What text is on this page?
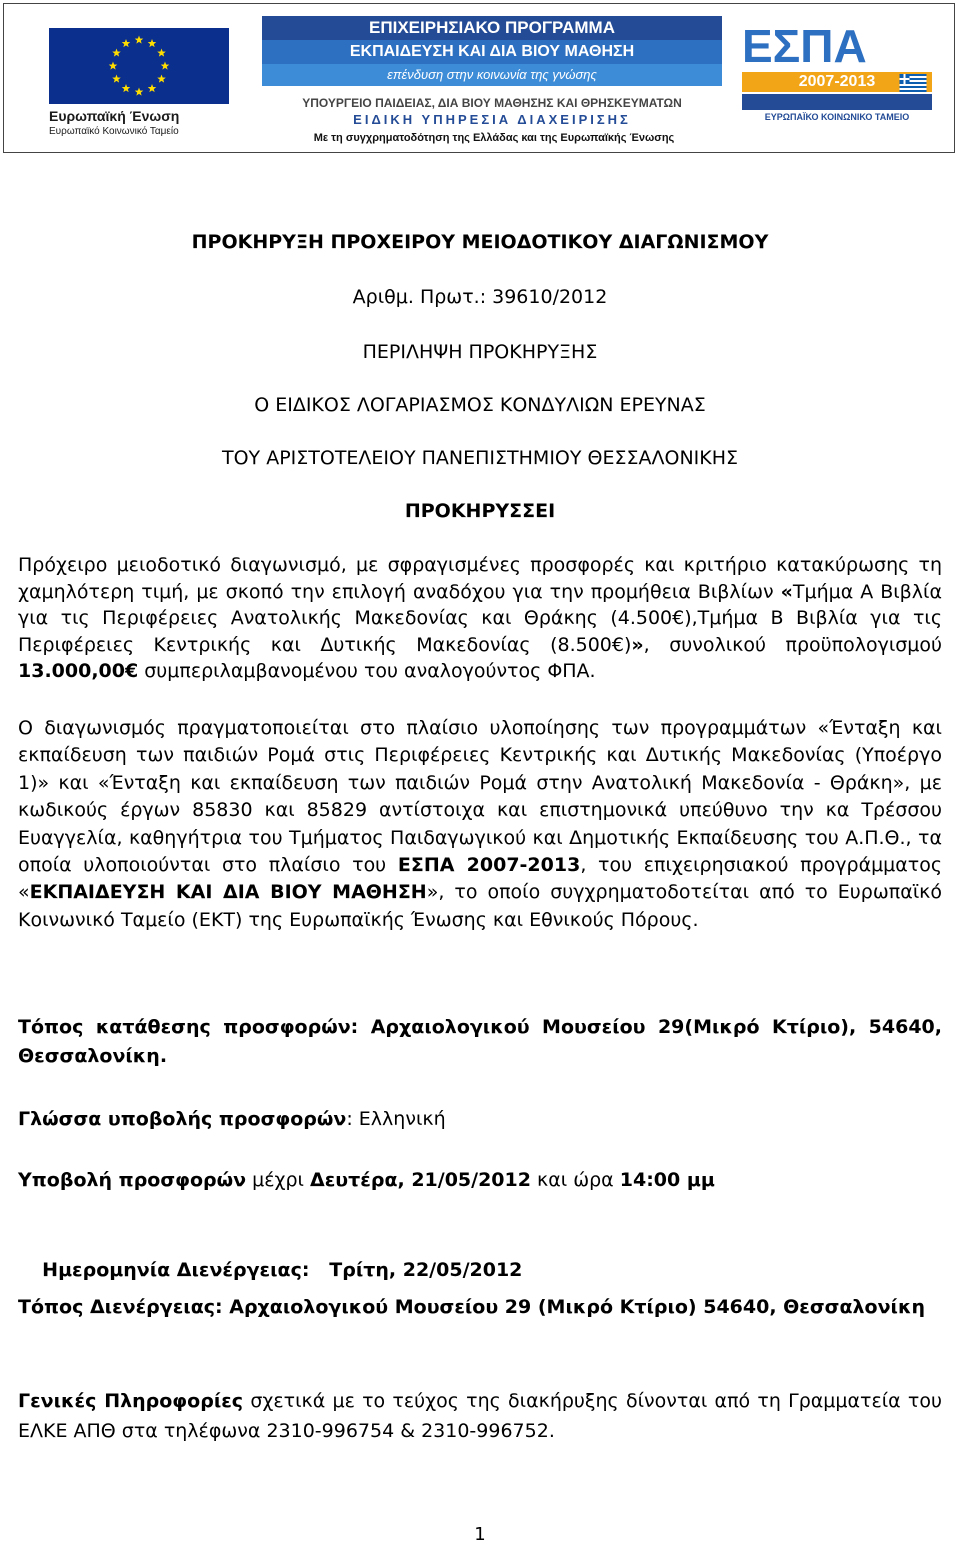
Ευρωπαϊκή Ένωση
Ευρωπαϊκό Κοινωνικό Ταμείο
ΕΠΙΧΕΙΡΗΣΙΑΚΟ ΠΡΟΓΡΑΜΜΑ
ΕΚΠΑΙΔΕΥΣΗ ΚΑΙ ΔΙΑ ΒΙΟΥ ΜΑΘΗΣΗ
επένδυση στην κοινωνία της γνώσης
ΥΠΟΥΡΓΕΙΟ ΠΑΙΔΕΙΑΣ, ΔΙΑ ΒΙΟΥ ΜΑΘΗΣΗΣ ΚΑΙ ΘΡΗΣΚΕΥΜΑΤΩΝ
ΕΙΔΙΚΗ ΥΠΗΡΕΣΙΑ ΔΙΑΧΕΙΡΙΣΗΣ
Με τη συγχρηματοδότηση της Ελλάδας και της Ευρωπαϊκής Ένωσης
ΕΣΠΑ
2007-2013
ΕΥΡΩΠΑΪΚΟ ΚΟΙΝΩΝΙΚΟ ΤΑΜΕΙΟ
ΠΡΟΚΗΡΥΞΗ ΠΡΟΧΕΙΡΟΥ ΜΕΙΟΔΟΤΙΚΟΥ ΔΙΑΓΩΝΙΣΜΟΥ
Αριθμ. Πρωτ.: 39610/2012
ΠΕΡΙΛΗΨΗ ΠΡΟΚΗΡΥΞΗΣ
Ο ΕΙΔΙΚΟΣ ΛΟΓΑΡΙΑΣΜΟΣ ΚΟΝΔΥΛΙΩΝ ΕΡΕΥΝΑΣ
ΤΟΥ ΑΡΙΣΤΟΤΕΛΕΙΟΥ ΠΑΝΕΠΙΣΤΗΜΙΟΥ ΘΕΣΣΑΛΟΝΙΚΗΣ
ΠΡΟΚΗΡΥΣΣΕΙ
Πρόχειρο μειοδοτικό διαγωνισμό, με σφραγισμένες προσφορές και κριτήριο κατακύρωσης τη χαμηλότερη τιμή, με σκοπό την επιλογή αναδόχου για την προμήθεια Βιβλίων «Τμήμα Α Βιβλία για τις Περιφέρειες Ανατολικής Μακεδονίας και Θράκης (4.500€),Τμήμα Β Βιβλία για τις Περιφέρειες Κεντρικής και Δυτικής Μακεδονίας (8.500€)», συνολικού προϋπολογισμού 13.000,00€ συμπεριλαμβανομένου του αναλογούντος ΦΠΑ.
Ο διαγωνισμός πραγματοποιείται στο πλαίσιο υλοποίησης των προγραμμάτων «Ένταξη και εκπαίδευση των παιδιών Ρομά στις Περιφέρειες Κεντρικής και Δυτικής Μακεδονίας (Υποέργο 1)» και «Ένταξη και εκπαίδευση των παιδιών Ρομά στην Ανατολική Μακεδονία - Θράκη», με κωδικούς έργων 85830 και 85829 αντίστοιχα και επιστημονικά υπεύθυνο την κα Τρέσσου Ευαγγελία, καθηγήτρια του Τμήματος Παιδαγωγικού και Δημοτικής Εκπαίδευσης του Α.Π.Θ., τα οποία υλοποιούνται στο πλαίσιο του ΕΣΠΑ 2007-2013, του επιχειρησιακού προγράμματος «ΕΚΠΑΙΔΕΥΣΗ ΚΑΙ ΔΙΑ ΒΙΟΥ ΜΑΘΗΣΗ», το οποίο συγχρηματοδοτείται από το Ευρωπαϊκό Κοινωνικό Ταμείο (ΕΚΤ) της Ευρωπαϊκής Ένωσης και Εθνικούς Πόρους.
Τόπος κατάθεσης προσφορών: Αρχαιολογικού Μουσείου 29(Μικρό Κτίριο), 54640, Θεσσαλονίκη.
Γλώσσα υποβολής προσφορών: Ελληνική
Υποβολή προσφορών μέχρι Δευτέρα, 21/05/2012 και ώρα 14:00 μμ

Ημερομηνία Διενέργειας:   Τρίτη, 22/05/2012

Τόπος Διενέργειας: Αρχαιολογικού Μουσείου 29 (Μικρό Κτίριο) 54640, Θεσσαλονίκη
Γενικές Πληροφορίες σχετικά με το τεύχος της διακήρυξης δίνονται από τη Γραμματεία του ΕΛΚΕ ΑΠΘ στα τηλέφωνα 2310-996754 & 2310-996752.
1
